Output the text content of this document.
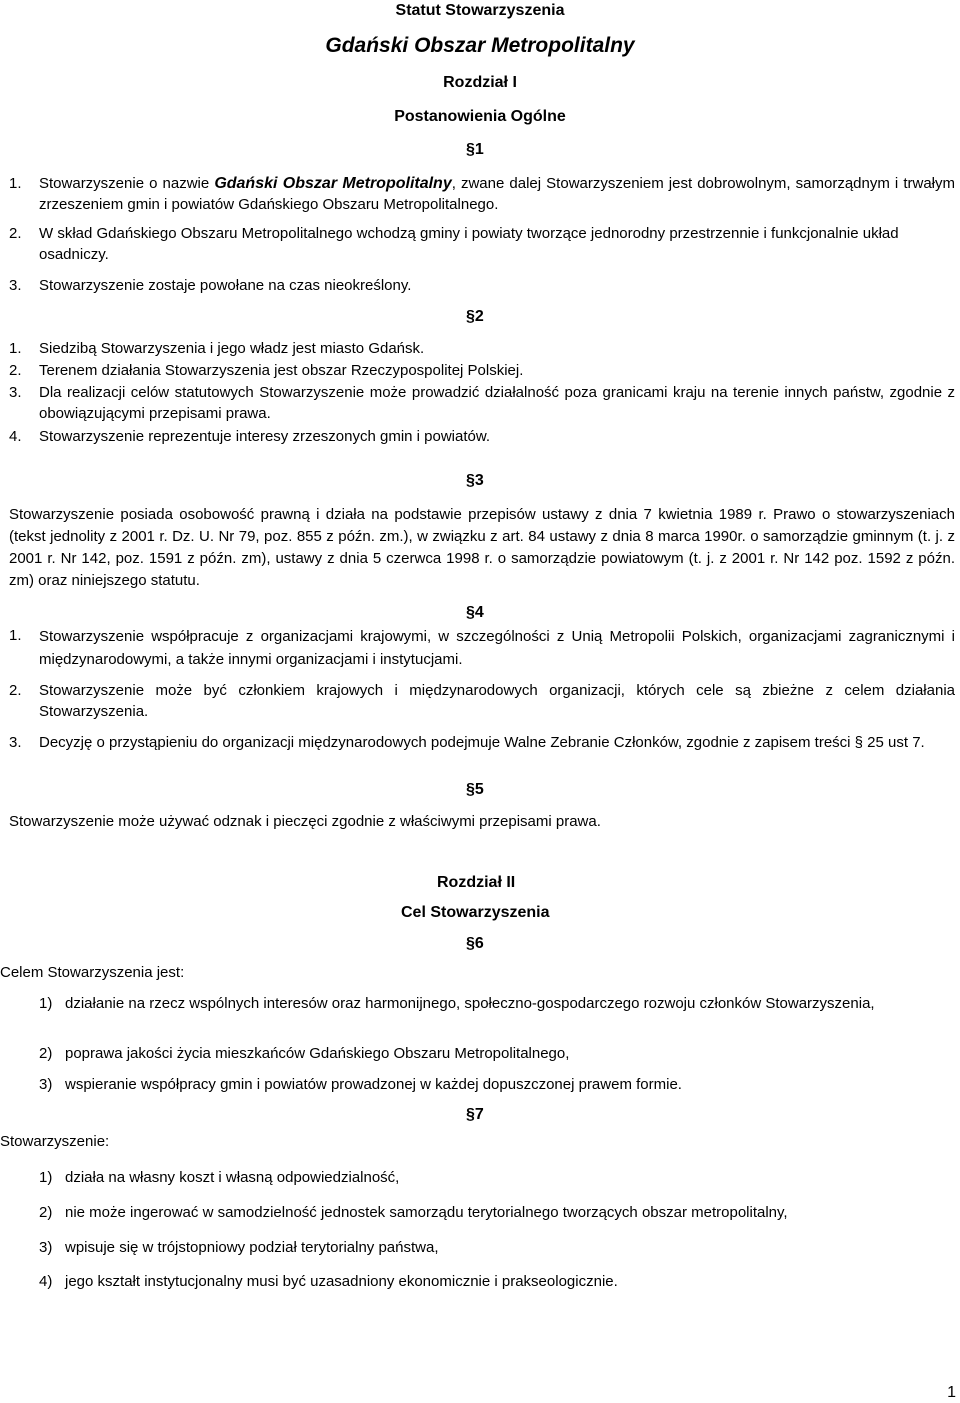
Statut Stowarzyszenia
Gdański Obszar Metropolitalny
Rozdział I
Postanowienia Ogólne
§1
1. Stowarzyszenie o nazwie Gdański Obszar Metropolitalny, zwane dalej Stowarzyszeniem jest dobrowolnym, samorządnym i trwałym zrzeszeniem gmin i powiatów Gdańskiego Obszaru Metropolitalnego.
2. W skład Gdańskiego Obszaru Metropolitalnego wchodzą gminy i powiaty tworzące jednorodny przestrzennie i funkcjonalnie układ osadniczy.
3. Stowarzyszenie zostaje powołane na czas nieokreślony.
§2
1. Siedzibą Stowarzyszenia i jego władz jest miasto Gdańsk.
2. Terenem działania Stowarzyszenia jest obszar Rzeczypospolitej Polskiej.
3. Dla realizacji celów statutowych Stowarzyszenie może prowadzić działalność poza granicami kraju na terenie innych państw, zgodnie z obowiązującymi przepisami prawa.
4. Stowarzyszenie reprezentuje interesy zrzeszonych gmin i powiatów.
§3
Stowarzyszenie posiada osobowość prawną i działa na podstawie przepisów ustawy z dnia 7 kwietnia 1989 r. Prawo o stowarzyszeniach (tekst jednolity z 2001 r. Dz. U. Nr 79, poz. 855 z późn. zm.), w związku z art. 84 ustawy z dnia 8 marca 1990r. o samorządzie gminnym (t. j. z 2001 r. Nr 142, poz. 1591 z późn. zm), ustawy z dnia 5 czerwca 1998 r. o samorządzie powiatowym (t. j. z 2001 r. Nr 142 poz. 1592 z późn. zm) oraz niniejszego statutu.
§4
1. Stowarzyszenie współpracuje z organizacjami krajowymi, w szczególności z Unią Metropolii Polskich, organizacjami zagranicznymi i międzynarodowymi, a także innymi organizacjami i instytucjami.
2. Stowarzyszenie może być członkiem krajowych i międzynarodowych organizacji, których cele są zbieżne z celem działania Stowarzyszenia.
3. Decyzję o przystąpieniu do organizacji międzynarodowych podejmuje Walne Zebranie Członków, zgodnie z zapisem treści § 25 ust 7.
§5
Stowarzyszenie może używać odznak i pieczęci zgodnie z właściwymi przepisami prawa.
Rozdział II
Cel Stowarzyszenia
§6
Celem Stowarzyszenia jest:
1) działanie na rzecz wspólnych interesów oraz harmonijnego, społeczno-gospodarczego rozwoju członków Stowarzyszenia,
2) poprawa jakości życia mieszkańców Gdańskiego Obszaru Metropolitalnego,
3) wspieranie współpracy gmin i powiatów prowadzonej w każdej dopuszczonej prawem formie.
§7
Stowarzyszenie:
1) działa na własny koszt i własną odpowiedzialność,
2) nie może ingerować w samodzielność jednostek samorządu terytorialnego tworzących obszar metropolitalny,
3) wpisuje się w trójstopniowy podział terytorialny państwa,
4) jego kształt instytucjonalny musi być uzasadniony ekonomicznie i prakseologicznie.
1
